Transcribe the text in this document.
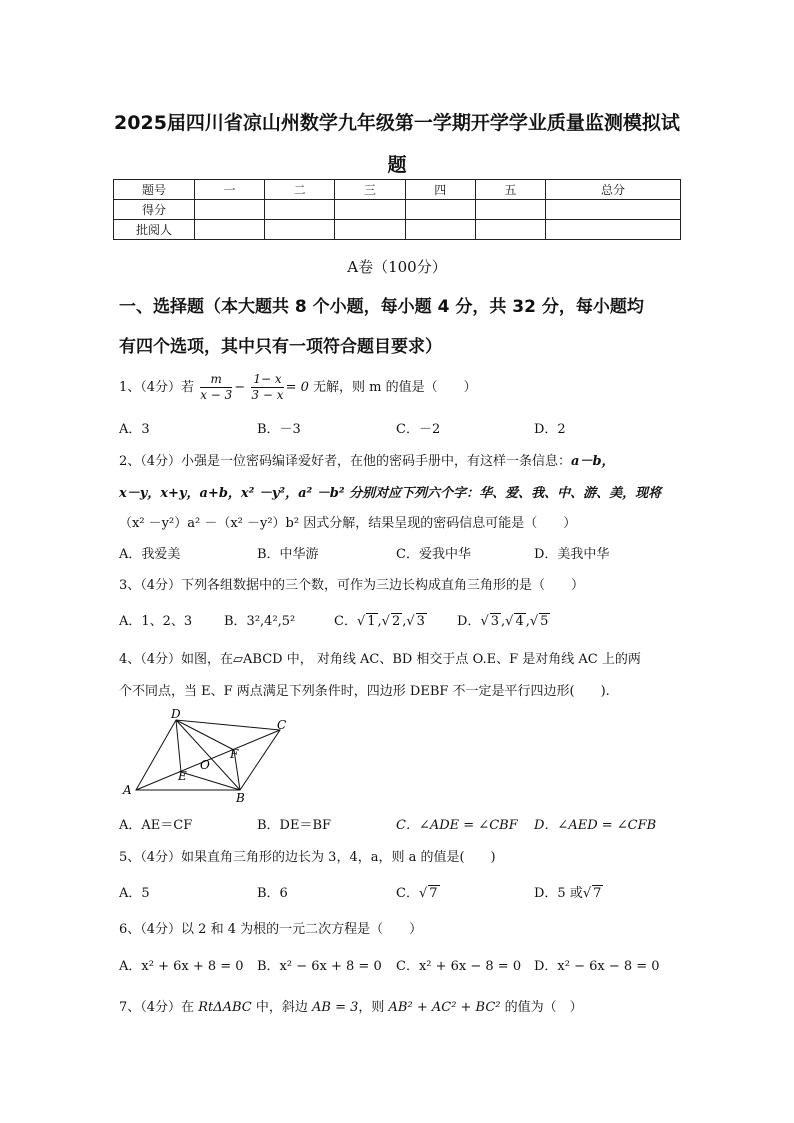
2025届四川省凉山州数学九年级第一学期开学学业质量监测模拟试
题
题号	一	二	三	四	五	总分
得分						
批阅人						
A卷（100分）
一、选择题（本大题共 8 个小题，每小题 4 分，共 32 分，每小题均
有四个选项，其中只有一项符合题目要求）
1、（4分）若 $\frac{m}{x - 3} - \frac{1- x}{3 - x} = 0$ 无解，则 m 的值是（　　）
A．3	B．－3	C．－2	D．2
2、（4分）小强是一位密码编译爱好者，在他的密码手册中，有这样一条信息：a－b，
x－y，x+y，a+b，x² －y²，a² －b² 分别对应下列六个字：华、爱、我、中、游、美，现将
（x² －y²）a² －（x² －y²）b² 因式分解，结果呈现的密码信息可能是（　　）
A．我爱美	B．中华游	C．爱我中华	D．美我中华
3、（4分）下列各组数据中的三个数，可作为三边长构成直角三角形的是（　　）
A．1、2、3 B．3²,4²,5²	C．√ 1 ,√ 2 ,√ 3 D．√ 3 ,√ 4 ,√ 5
4、（4分）如图，在▱ABCD 中， 对角线 AC、BD 相交于点 O.E、F 是对角线 AC 上的两
个不同点，当 E、F 两点满足下列条件时，四边形 DEBF 不一定是平行四边形(　　).
D
C
A
B
O
E
F
A．AE＝CF	B．DE＝BF	C．∠ADE = ∠CBF D．∠AED = ∠CFB
5、（4分）如果直角三角形的边长为 3，4，a，则 a 的值是(　　)
A．5	B．6	C．√ 7	D．5 或√ 7
6、（4分）以 2 和 4 为根的一元二次方程是（　　）
A．x² + 6x + 8 = 0 B．x² − 6x + 8 = 0 C．x² + 6x − 8 = 0 D．x² − 6x − 8 = 0
7、（4分）在 RtΔABC 中，斜边 AB = 3，则 AB² + AC² + BC² 的值为（　）
